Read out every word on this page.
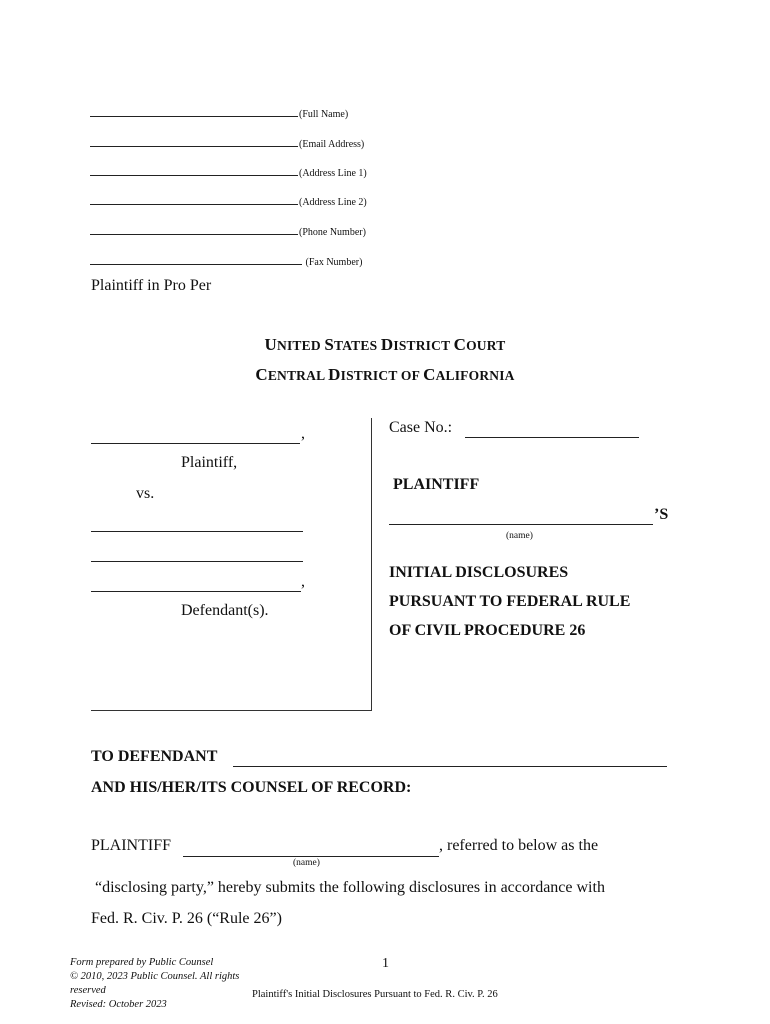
(Full Name)
(Email Address)
(Address Line 1)
(Address Line 2)
(Phone Number)
(Fax Number)
Plaintiff in Pro Per
UNITED STATES DISTRICT COURT
CENTRAL DISTRICT OF CALIFORNIA
,
Plaintiff,
vs.
,
Defendant(s).
Case No.:
PLAINTIFF
’S
(name)
INITIAL DISCLOSURES
PURSUANT TO FEDERAL RULE
OF CIVIL PROCEDURE 26
TO DEFENDANT
AND HIS/HER/ITS COUNSEL OF RECORD:
PLAINTIFF	, referred to below as the
(name)
“disclosing party,” hereby submits the following disclosures in accordance with
Fed. R. Civ. P. 26 (“Rule 26”)
Form prepared by Public Counsel
© 2010, 2023 Public Counsel. All rights reserved
Revised: October 2023
1
Plaintiff's Initial Disclosures Pursuant to Fed. R. Civ. P. 26
